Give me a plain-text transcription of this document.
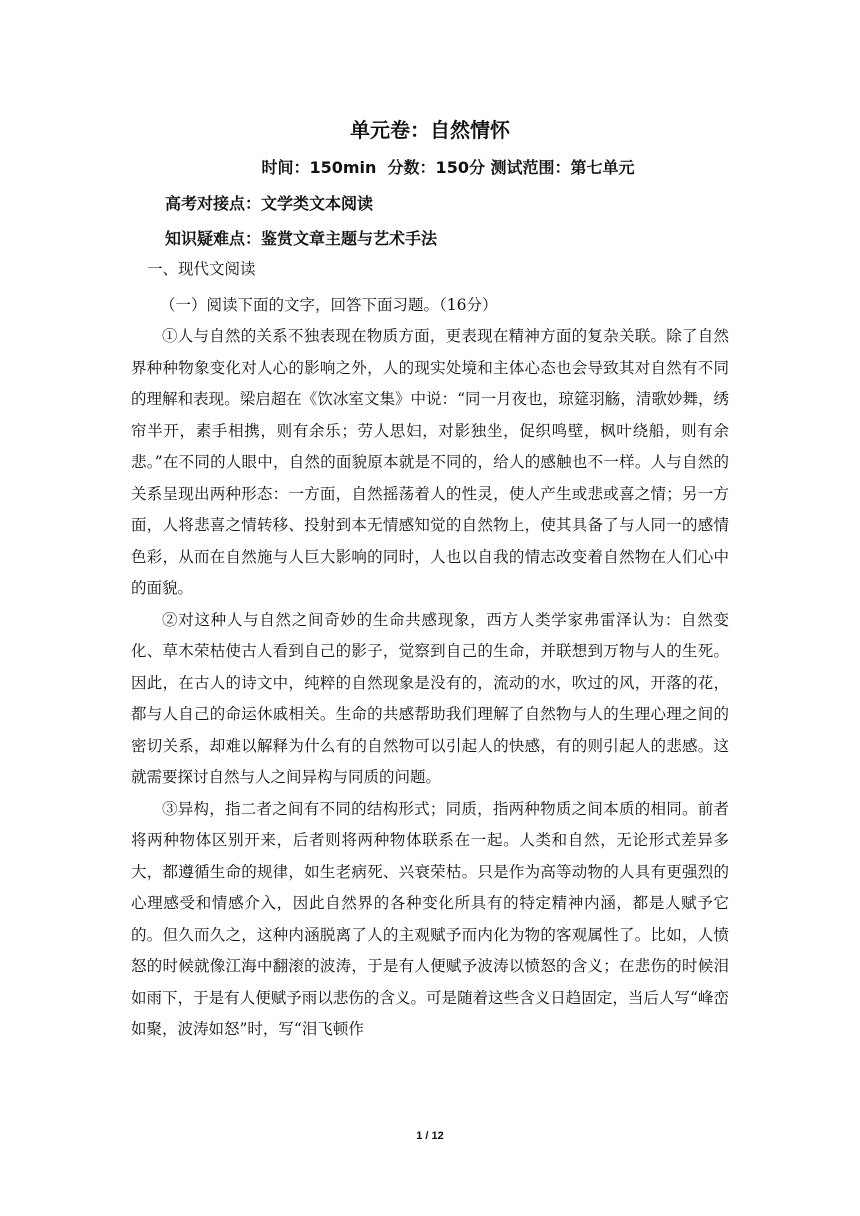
单元卷：自然情怀
时间：150min  分数：150分 测试范围：第七单元
高考对接点：文学类文本阅读
知识疑难点：鉴赏文章主题与艺术手法
一、现代文阅读
（一）阅读下面的文字，回答下面习题。（16分）

①人与自然的关系不独表现在物质方面，更表现在精神方面的复杂关联。除了自然界种种物象变化对人心的影响之外，人的现实处境和主体心态也会导致其对自然有不同的理解和表现。梁启超在《饮冰室文集》中说：“同一月夜也，琼筵羽觞，清歌妙舞，绣帘半开，素手相携，则有余乐；劳人思妇，对影独坐，促织鸣壁，枫叶绕船，则有余悲。”在不同的人眼中，自然的面貌原本就是不同的，给人的感触也不一样。人与自然的关系呈现出两种形态：一方面，自然摇荡着人的性灵，使人产生或悲或喜之情；另一方面，人将悲喜之情转移、投射到本无情感知觉的自然物上，使其具备了与人同一的感情色彩，从而在自然施与人巨大影响的同时，人也以自我的情志改变着自然物在人们心中的面貌。

②对这种人与自然之间奇妙的生命共感现象，西方人类学家弗雷泽认为：自然变化、草木荣枯使古人看到自己的影子，觉察到自己的生命，并联想到万物与人的生死。因此，在古人的诗文中，纯粹的自然现象是没有的，流动的水，吹过的风，开落的花，都与人自己的命运休戚相关。生命的共感帮助我们理解了自然物与人的生理心理之间的密切关系，却难以解释为什么有的自然物可以引起人的快感，有的则引起人的悲感。这就需要探讨自然与人之间异构与同质的问题。

③异构，指二者之间有不同的结构形式；同质，指两种物质之间本质的相同。前者将两种物体区别开来，后者则将两种物体联系在一起。人类和自然，无论形式差异多大，都遵循生命的规律，如生老病死、兴衰荣枯。只是作为高等动物的人具有更强烈的心理感受和情感介入，因此自然界的各种变化所具有的特定精神内涵，都是人赋予它的。但久而久之，这种内涵脱离了人的主观赋予而内化为物的客观属性了。比如，人愤怒的时候就像江海中翻滚的波涛，于是有人便赋予波涛以愤怒的含义；在悲伤的时候泪如雨下，于是有人便赋予雨以悲伤的含义。可是随着这些含义日趋固定，当后人写“峰峦如聚，波涛如怒”时，写“泪飞顿作

1 / 12
